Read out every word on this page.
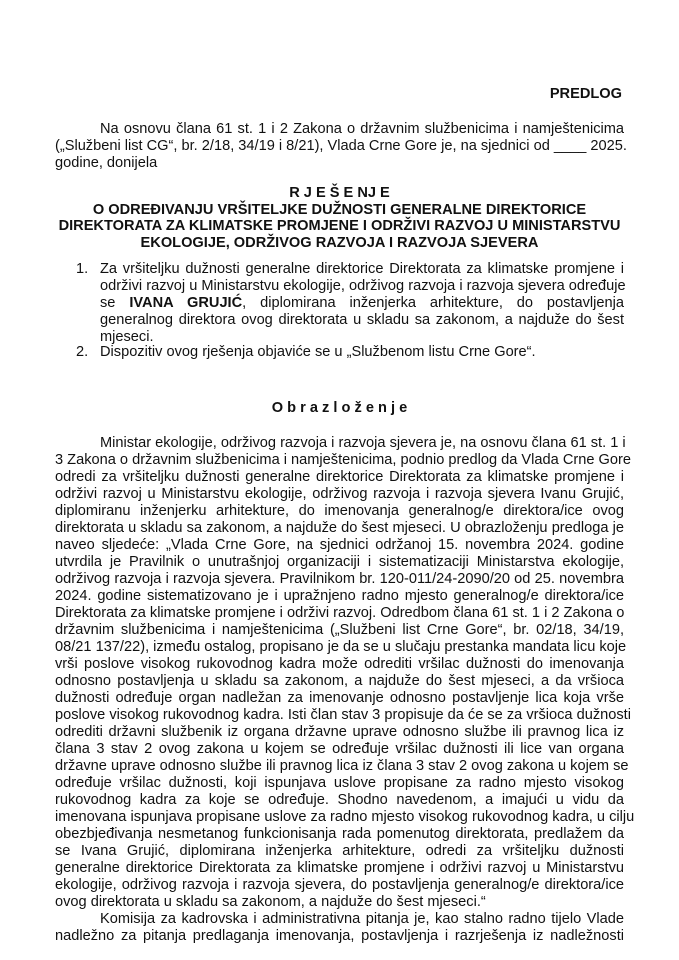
PREDLOG
Na osnovu člana 61 st. 1 i 2 Zakona o državnim službenicima i namještenicima
(„Službeni list CG“, br. 2/18, 34/19 i 8/21), Vlada Crne Gore je, na sjednici od ____ 2025.
godine, donijela
R J E Š E NJ E
O ODREĐIVANJU VRŠITELJKE DUŽNOSTI GENERALNE DIREKTORICE
DIREKTORATA ZA KLIMATSKE PROMJENE I ODRŽIVI RAZVOJ U MINISTARSTVU
EKOLOGIJE, ODRŽIVOG RAZVOJA I RAZVOJA SJEVERA
1. Za vršiteljku dužnosti generalne direktorice Direktorata za klimatske promjene i
održivi razvoj u Ministarstvu ekologije, održivog razvoja i razvoja sjevera određuje
se IVANA GRUJIĆ, diplomirana inženjerka arhitekture, do postavljenja
generalnog direktora ovog direktorata u skladu sa zakonom, a najduže do šest
mjeseci.
2. Dispozitiv ovog rješenja objaviće se u „Službenom listu Crne Gore“.
O b r a z l o ž e n j e
Ministar ekologije, održivog razvoja i razvoja sjevera je, na osnovu člana 61 st. 1 i
3 Zakona o državnim službenicima i namještenicima, podnio predlog da Vlada Crne Gore
odredi za vršiteljku dužnosti generalne direktorice Direktorata za klimatske promjene i
održivi razvoj u Ministarstvu ekologije, održivog razvoja i razvoja sjevera Ivanu Grujić,
diplomiranu inženjerku arhitekture, do imenovanja generalnog/e direktora/ice ovog
direktorata u skladu sa zakonom, a najduže do šest mjeseci. U obrazloženju predloga je
naveo sljedeće: „Vlada Crne Gore, na sjednici održanoj 15. novembra 2024. godine
utvrdila je Pravilnik o unutrašnjoj organizaciji i sistematizaciji Ministarstva ekologije,
održivog razvoja i razvoja sjevera. Pravilnikom br. 120-011/24-2090/20 od 25. novembra
2024. godine sistematizovano je i upražnjeno radno mjesto generalnog/e direktora/ice
Direktorata za klimatske promjene i održivi razvoj. Odredbom člana 61 st. 1 i 2 Zakona o
državnim službenicima i namještenicima („Službeni list Crne Gore“, br. 02/18, 34/19,
08/21 137/22), između ostalog, propisano je da se u slučaju prestanka mandata licu koje
vrši poslove visokog rukovodnog kadra može odrediti vršilac dužnosti do imenovanja
odnosno postavljenja u skladu sa zakonom, a najduže do šest mjeseci, a da vršioca
dužnosti određuje organ nadležan za imenovanje odnosno postavljenje lica koja vrše
poslove visokog rukovodnog kadra. Isti član stav 3 propisuje da će se za vršioca dužnosti
odrediti državni službenik iz organa državne uprave odnosno službe ili pravnog lica iz
člana 3 stav 2 ovog zakona u kojem se određuje vršilac dužnosti ili lice van organa
državne uprave odnosno službe ili pravnog lica iz člana 3 stav 2 ovog zakona u kojem se
određuje vršilac dužnosti, koji ispunjava uslove propisane za radno mjesto visokog
rukovodnog kadra za koje se određuje. Shodno navedenom, a imajući u vidu da
imenovana ispunjava propisane uslove za radno mjesto visokog rukovodnog kadra, u cilju
obezbjeđivanja nesmetanog funkcionisanja rada pomenutog direktorata, predlažem da
se Ivana Grujić, diplomirana inženjerka arhitekture, odredi za vršiteljku dužnosti
generalne direktorice Direktorata za klimatske promjene i održivi razvoj u Ministarstvu
ekologije, održivog razvoja i razvoja sjevera, do postavljenja generalnog/e direktora/ice
ovog direktorata u skladu sa zakonom, a najduže do šest mjeseci.“
Komisija za kadrovska i administrativna pitanja je, kao stalno radno tijelo Vlade
nadležno za pitanja predlaganja imenovanja, postavljenja i razrješenja iz nadležnosti
